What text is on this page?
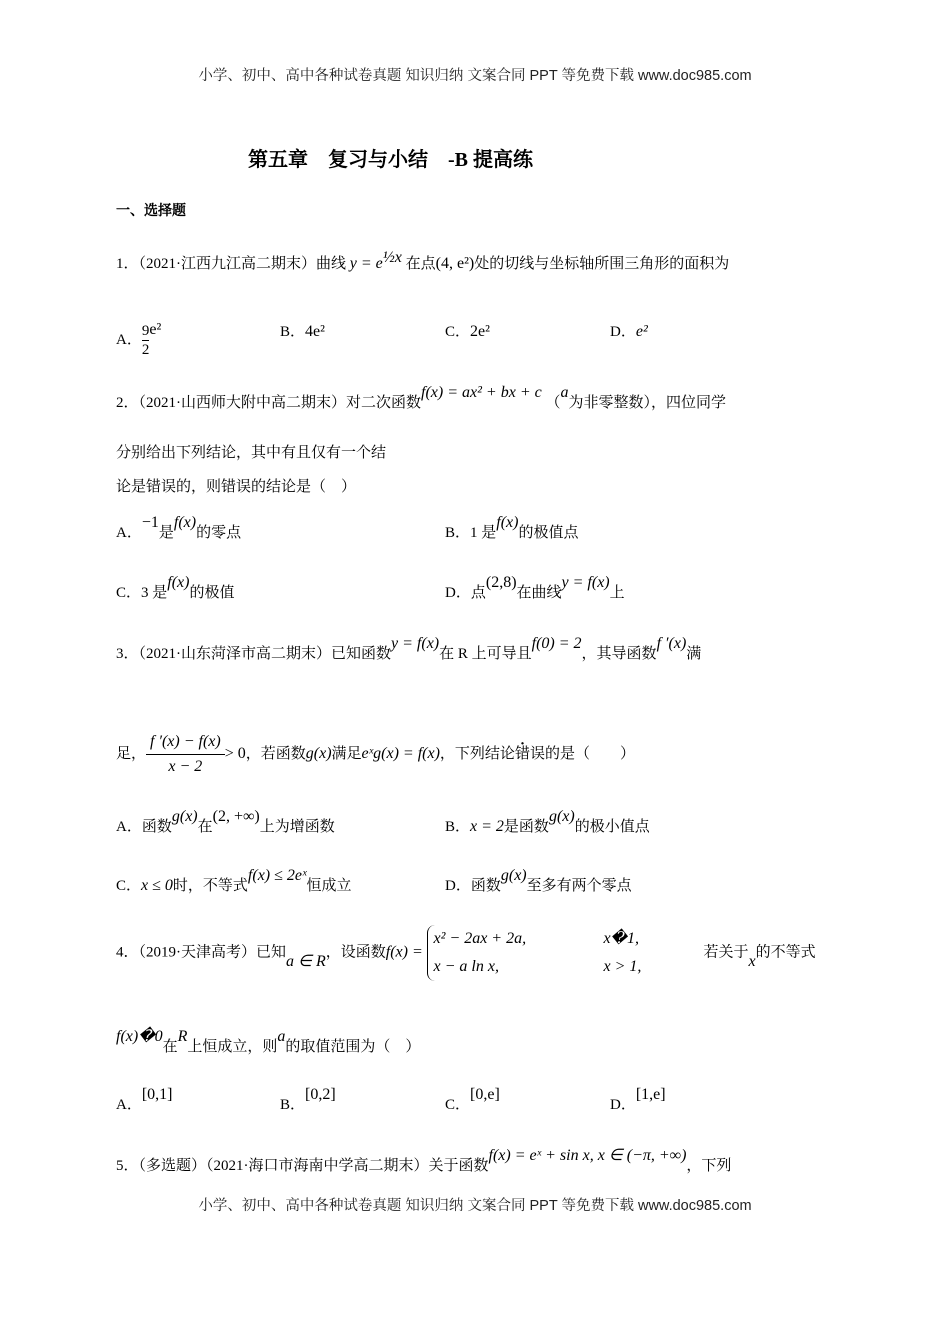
小学、初中、高中各种试卷真题 知识归纳 文案合同 PPT 等免费下载 www.doc985.com
第五章　复习与小结　-B 提高练
一、选择题
1．（2021·江西九江高二期末）曲线 $y = e^{\frac{1}{2}x}$ 在点(4, e²)处的切线与坐标轴所围三角形的面积为
A． $\frac{9}{2} e^2$	B．4e²	C．2e²	D．e²
2．（2021·山西师大附中高二期末）对二次函数f(x) = ax² + bx + c （a为非零整数），四位同学
分别给出下列结论，其中有且仅有一个结
论是错误的，则错误的结论是（　）
A．−1是f(x)的零点	B．1 是f(x)的极值点
C．3 是f(x)的极值	D．点(2,8)在曲线y = f(x)上
3．（2021·山东菏泽市高二期末）已知函数y = f(x)在 R 上可导且f(0) = 2，其导函数f ′(x)满
足， $\frac{f '(x) - f(x)}{x - 2} > 0$，若函数g(x)满足eˣg(x) = f(x)，下列结论错误的是（　　）
A．函数g(x)在(2, +∞)上为增函数	B．x = 2是函数g(x)的极小值点
C．x ≤ 0时，不等式f(x) ≤ 2eˣ恒成立	D．函数g(x)至多有两个零点
4．（2019·天津高考）已知a ∈ R，设函数f(x) =
x² − 2ax + 2a,	x�1,
x − a ln x,	x > 1,
若关于x的不等式
f(x)�0在R上恒成立，则a的取值范围为（　）
A．[0,1]
B．[0,2]
C．[0,e]
D．[1,e]
5．（多选题）（2021·海口市海南中学高二期末）关于函数f(x) = eˣ + sin x, x ∈ (−π, +∞)，下列
小学、初中、高中各种试卷真题 知识归纳 文案合同 PPT 等免费下载 www.doc985.com
